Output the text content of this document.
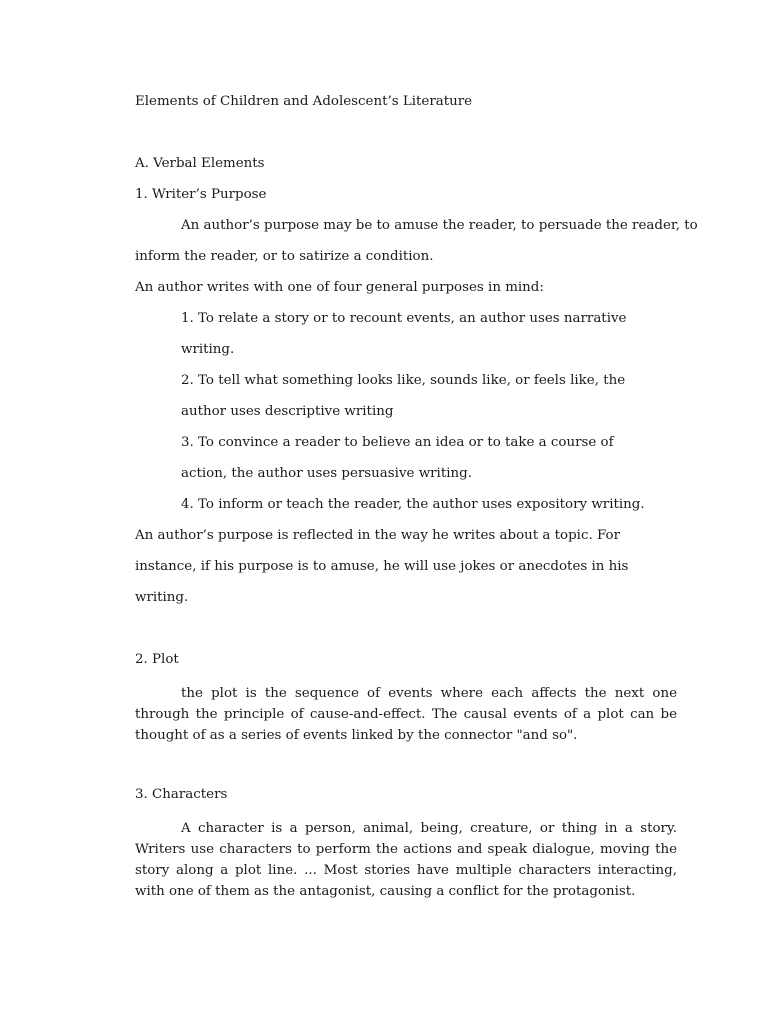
Elements of Children and Adolescent’s Literature
A. Verbal Elements
1. Writer’s Purpose
An author’s purpose may be to amuse the reader, to persuade the reader, to
inform the reader, or to satirize a condition.
An author writes with one of four general purposes in mind:
1. To relate a story or to recount events, an author uses narrative
writing.
2. To tell what something looks like, sounds like, or feels like, the
author uses descriptive writing
3. To convince a reader to believe an idea or to take a course of
action, the author uses persuasive writing.
4. To inform or teach the reader, the author uses expository writing.
An author’s purpose is reflected in the way he writes about a topic. For
instance, if his purpose is to amuse, he will use jokes or anecdotes in his
writing.
2. Plot
the plot is the sequence of events where each affects the next one through the principle of cause-and-effect. The causal events of a plot can be thought of as a series of events linked by the connector "and so".
3. Characters
A character is a person, animal, being, creature, or thing in a story. Writers use characters to perform the actions and speak dialogue, moving the story along a plot line. ... Most stories have multiple characters interacting, with one of them as the antagonist, causing a conflict for the protagonist.
